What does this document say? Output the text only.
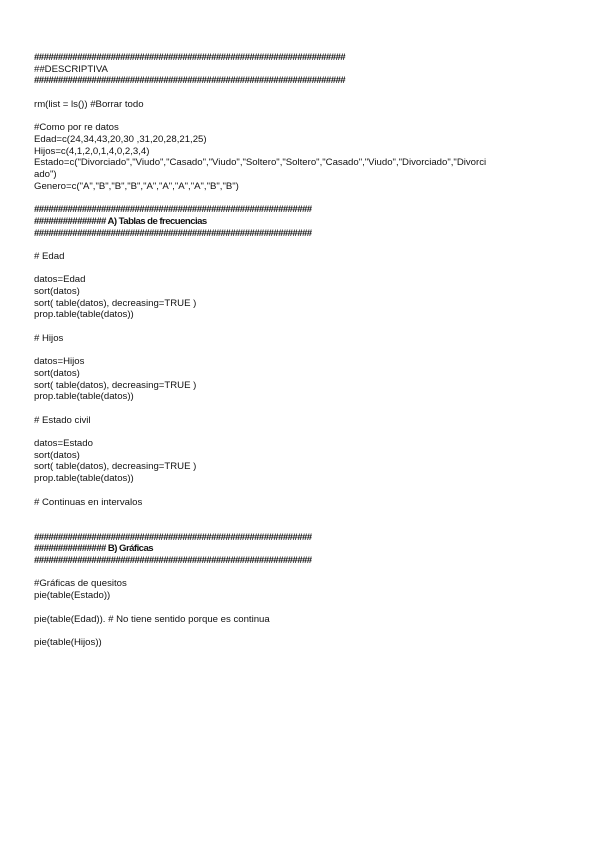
#################################################################
##DESCRIPTIVA
#################################################################
rm(list = ls()) #Borrar todo
#Como por re datos
Edad=c(24,34,43,20,30 ,31,20,28,21,25)
Hijos=c(4,1,2,0,1,4,0,2,3,4)
Estado=c("Divorciado","Viudo","Casado","Viudo","Soltero","Soltero","Casado","Viudo","Divorciado","Divorci
ado")
Genero=c("A","B","B","B","A","A","A","A","B","B")
##########################################################
############### A) Tablas de frecuencias
##########################################################
# Edad
datos=Edad
sort(datos)
sort( table(datos), decreasing=TRUE )
prop.table(table(datos))
# Hijos
datos=Hijos
sort(datos)
sort( table(datos), decreasing=TRUE )
prop.table(table(datos))
# Estado civil
datos=Estado
sort(datos)
sort( table(datos), decreasing=TRUE )
prop.table(table(datos))
# Continuas en intervalos
##########################################################
############### B) Gráficas
##########################################################
#Gráficas de quesitos
pie(table(Estado))
pie(table(Edad)). # No tiene sentido porque es continua
pie(table(Hijos))
